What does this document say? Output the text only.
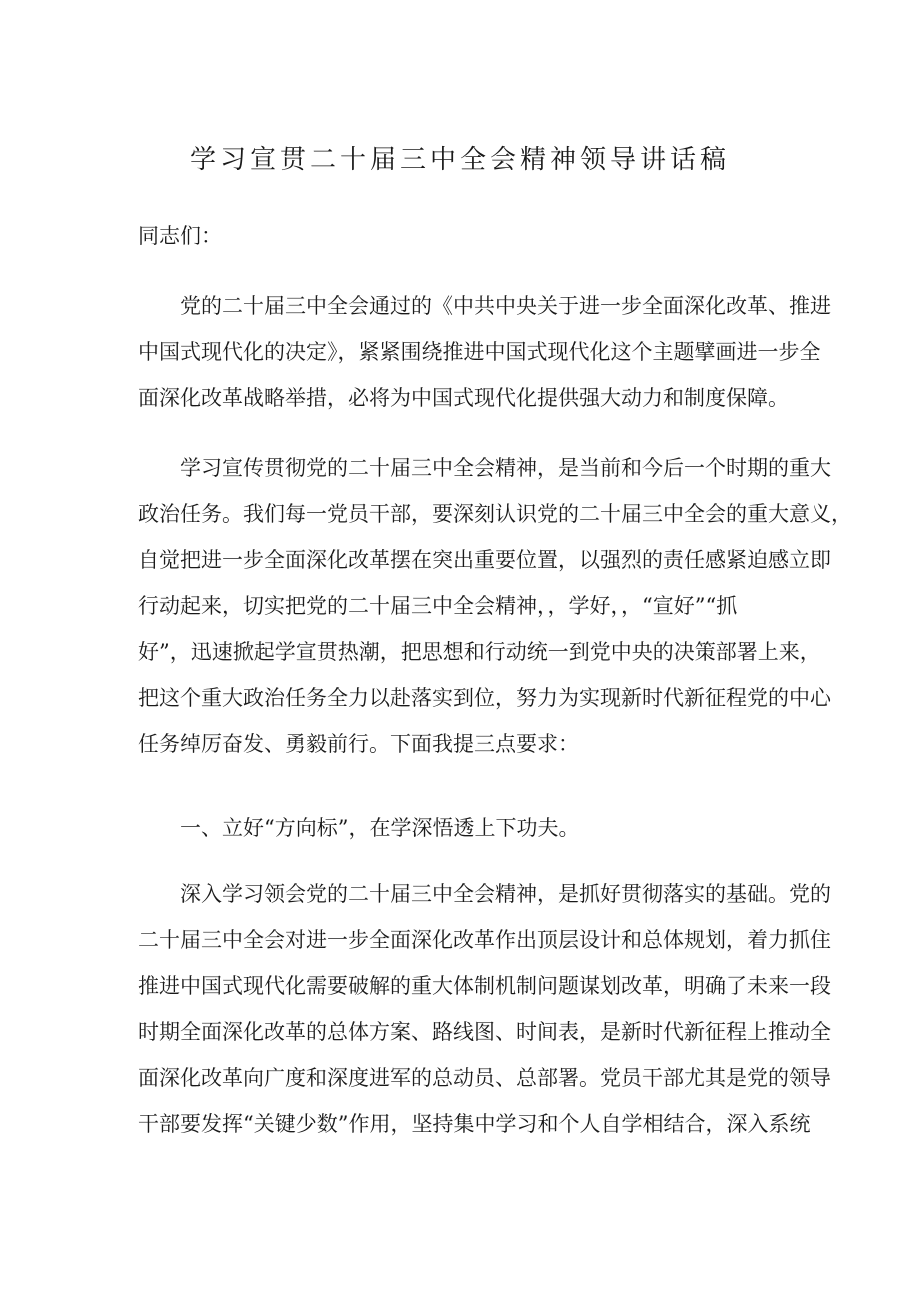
学习宣贯二十届三中全会精神领导讲话稿
同志们：
党的二十届三中全会通过的《中共中央关于进一步全面深化改革、推进
中国式现代化的决定》，紧紧围绕推进中国式现代化这个主题擘画进一步全
面深化改革战略举措，必将为中国式现代化提供强大动力和制度保障。
学习宣传贯彻党的二十届三中全会精神，是当前和今后一个时期的重大
政治任务。我们每一党员干部，要深刻认识党的二十届三中全会的重大意义，
自觉把进一步全面深化改革摆在突出重要位置，以强烈的责任感紧迫感立即
行动起来，切实把党的二十届三中全会精神，，学好，，“宣好”“抓
好”，迅速掀起学宣贯热潮，把思想和行动统一到党中央的决策部署上来，
把这个重大政治任务全力以赴落实到位，努力为实现新时代新征程党的中心
任务绰厉奋发、勇毅前行。下面我提三点要求：
一、立好“方向标”，在学深悟透上下功夫。
深入学习领会党的二十届三中全会精神，是抓好贯彻落实的基础。党的
二十届三中全会对进一步全面深化改革作出顶层设计和总体规划，着力抓住
推进中国式现代化需要破解的重大体制机制问题谋划改革，明确了未来一段
时期全面深化改革的总体方案、路线图、时间表，是新时代新征程上推动全
面深化改革向广度和深度进军的总动员、总部署。党员干部尤其是党的领导
干部要发挥“关键少数”作用，坚持集中学习和个人自学相结合，深入系统
